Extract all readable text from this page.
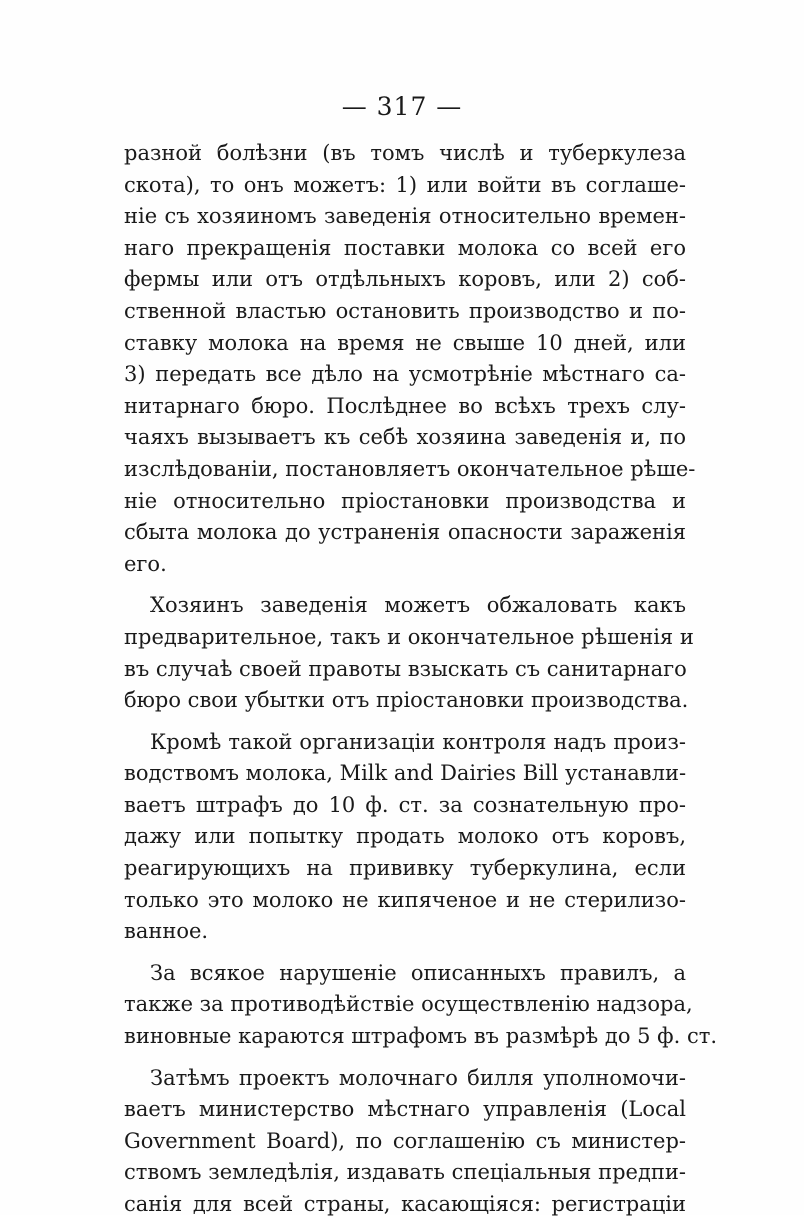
— 317 —
разной болѣзни (въ томъ числѣ и туберкулеза
скота), то онъ можетъ: 1) или войти въ соглаше-
ніе съ хозяиномъ заведенія относительно времен-
наго прекращенія поставки молока со всей его
фермы или отъ отдѣльныхъ коровъ, или 2) соб-
ственной властью остановить производство и по-
ставку молока на время не свыше 10 дней, или
3) передать все дѣло на усмотрѣніе мѣстнаго са-
нитарнаго бюро. Послѣднее во всѣхъ трехъ слу-
чаяхъ вызываетъ къ себѣ хозяина заведенія и, по
изслѣдованіи, постановляетъ окончательное рѣше-
ніе относительно пріостановки производства и
сбыта молока до устраненія опасности зараженія
его.
Хозяинъ заведенія можетъ обжаловать какъ
предварительное, такъ и окончательное рѣшенія и
въ случаѣ своей правоты взыскать съ санитарнаго
бюро свои убытки отъ пріостановки производства.
Кромѣ такой организаціи контроля надъ произ-
водствомъ молока, Milk and Dairies Bill устанавли-
ваетъ штрафъ до 10 ф. ст. за сознательную про-
дажу или попытку продать молоко отъ коровъ,
реагирующихъ на прививку туберкулина, если
только это молоко не кипяченое и не стерилизо-
ванное.
За всякое нарушеніе описанныхъ правилъ, а
также за противодѣйствіе осуществленію надзора,
виновные караются штрафомъ въ размѣрѣ до 5 ф. ст.
Затѣмъ проектъ молочнаго билля уполномочи-
ваетъ министерство мѣстнаго управленія (Local
Government Board), по соглашенію съ министер-
ствомъ земледѣлія, издавать спеціальныя предпи-
санія для всей страны, касающіяся: регистраціи
